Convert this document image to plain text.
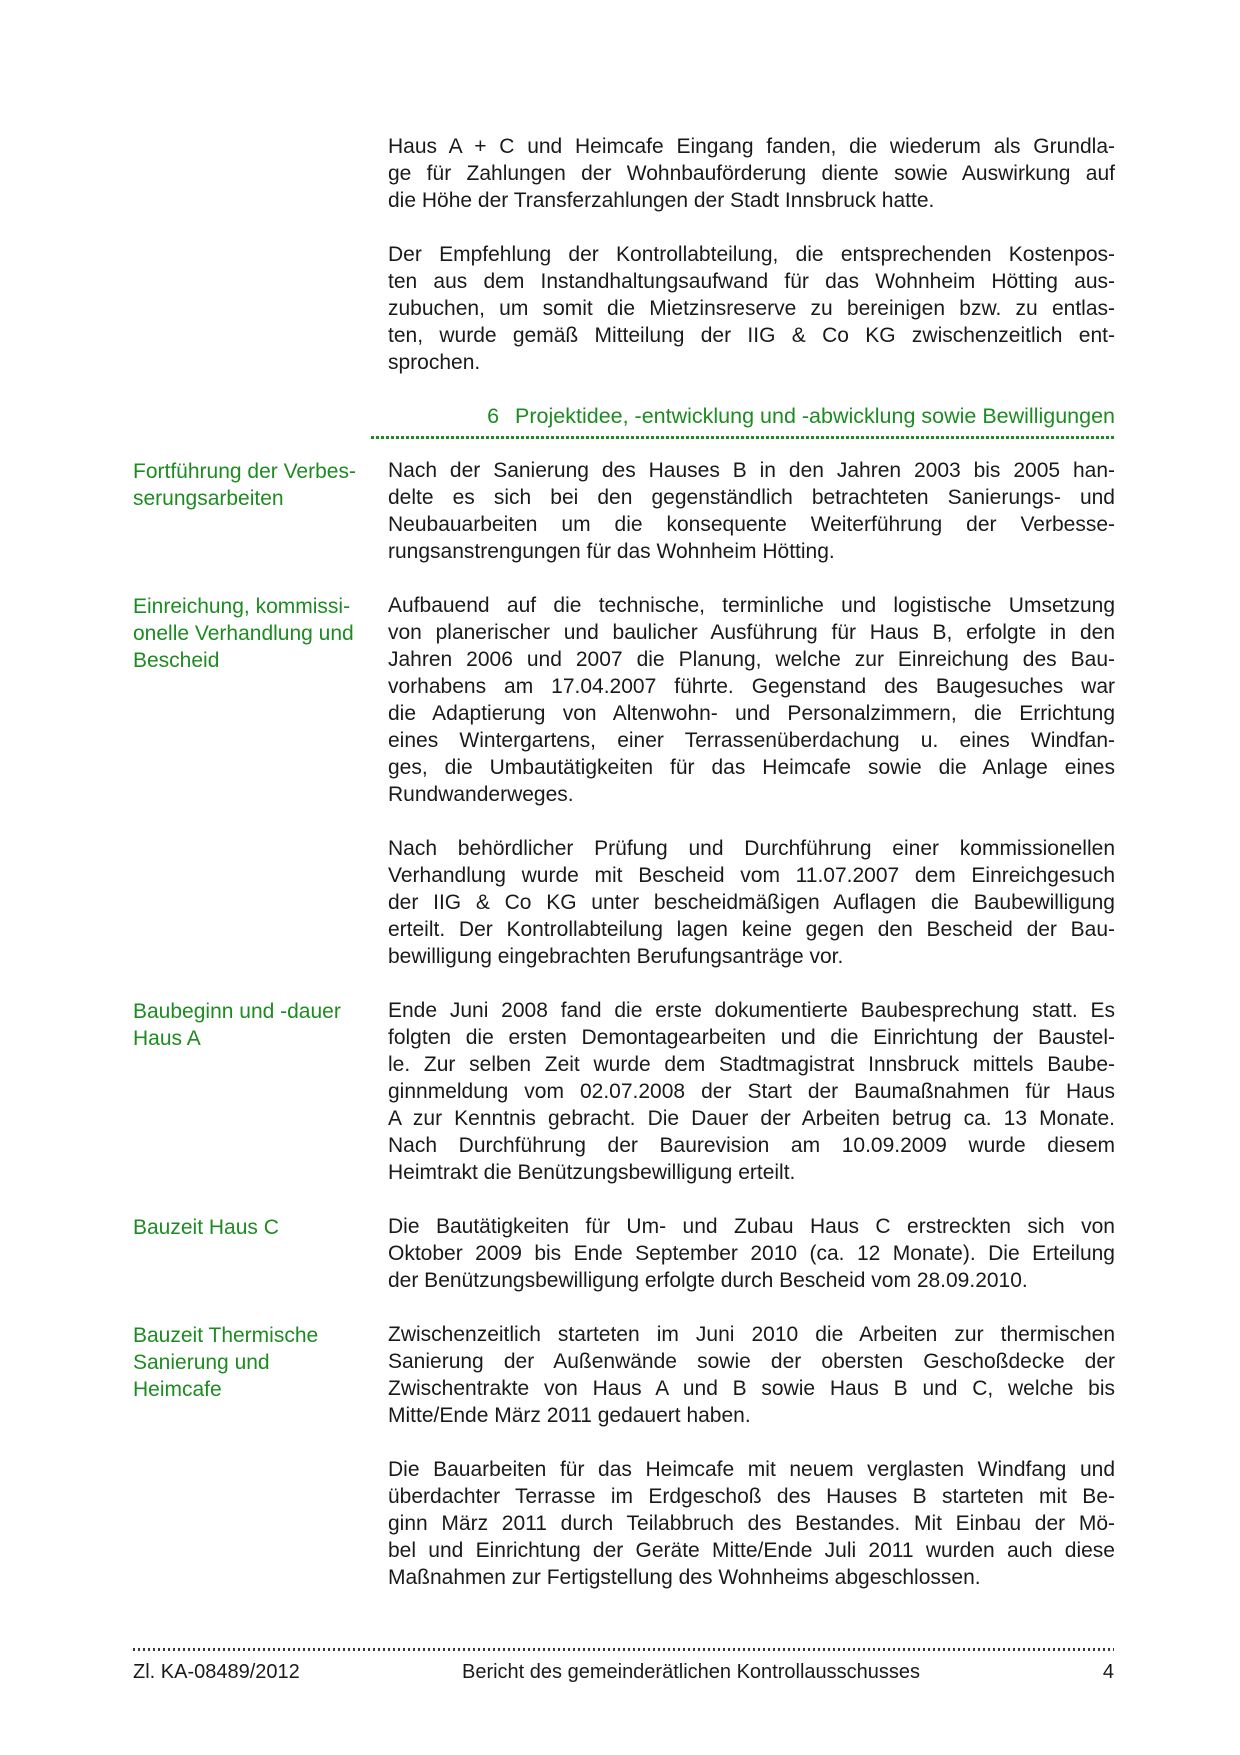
Haus A + C und Heimcafe Eingang fanden, die wiederum als Grundla-
ge für Zahlungen der Wohnbauförderung diente sowie Auswirkung auf
die Höhe der Transferzahlungen der Stadt Innsbruck hatte.
Der Empfehlung der Kontrollabteilung, die entsprechenden Kostenpos-
ten aus dem Instandhaltungsaufwand für das Wohnheim Hötting aus-
zubuchen, um somit die Mietzinsreserve zu bereinigen bzw. zu entlas-
ten, wurde gemäß Mitteilung der IIG & Co KG zwischenzeitlich ent-
sprochen.
6 Projektidee, -entwicklung und -abwicklung sowie Bewilligungen
Fortführung der Verbes-
serungsarbeiten
Nach der Sanierung des Hauses B in den Jahren 2003 bis 2005 han-
delte es sich bei den gegenständlich betrachteten Sanierungs- und
Neubauarbeiten um die konsequente Weiterführung der Verbesse-
rungsanstrengungen für das Wohnheim Hötting.
Einreichung, kommissi-
onelle Verhandlung und
Bescheid
Aufbauend auf die technische, terminliche und logistische Umsetzung
von planerischer und baulicher Ausführung für Haus B, erfolgte in den
Jahren 2006 und 2007 die Planung, welche zur Einreichung des Bau-
vorhabens am 17.04.2007 führte. Gegenstand des Baugesuches war
die Adaptierung von Altenwohn- und Personalzimmern, die Errichtung
eines Wintergartens, einer Terrassenüberdachung u. eines Windfan-
ges, die Umbautätigkeiten für das Heimcafe sowie die Anlage eines
Rundwanderweges.
Nach behördlicher Prüfung und Durchführung einer kommissionellen
Verhandlung wurde mit Bescheid vom 11.07.2007 dem Einreichgesuch
der IIG & Co KG unter bescheidmäßigen Auflagen die Baubewilligung
erteilt. Der Kontrollabteilung lagen keine gegen den Bescheid der Bau-
bewilligung eingebrachten Berufungsanträge vor.
Baubeginn und -dauer
Haus A
Ende Juni 2008 fand die erste dokumentierte Baubesprechung statt. Es
folgten die ersten Demontagearbeiten und die Einrichtung der Baustel-
le. Zur selben Zeit wurde dem Stadtmagistrat Innsbruck mittels Baube-
ginnmeldung vom 02.07.2008 der Start der Baumaßnahmen für Haus
A zur Kenntnis gebracht. Die Dauer der Arbeiten betrug ca. 13 Monate.
Nach Durchführung der Baurevision am 10.09.2009 wurde diesem
Heimtrakt die Benützungsbewilligung erteilt.
Bauzeit Haus C	Die Bautätigkeiten für Um- und Zubau Haus C erstreckten sich von
Oktober 2009 bis Ende September 2010 (ca. 12 Monate). Die Erteilung
der Benützungsbewilligung erfolgte durch Bescheid vom 28.09.2010.
Bauzeit Thermische
Sanierung und
Heimcafe
Zwischenzeitlich starteten im Juni 2010 die Arbeiten zur thermischen
Sanierung der Außenwände sowie der obersten Geschoßdecke der
Zwischentrakte von Haus A und B sowie Haus B und C, welche bis
Mitte/Ende März 2011 gedauert haben.
Die Bauarbeiten für das Heimcafe mit neuem verglasten Windfang und
überdachter Terrasse im Erdgeschoß des Hauses B starteten mit Be-
ginn März 2011 durch Teilabbruch des Bestandes. Mit Einbau der Mö-
bel und Einrichtung der Geräte Mitte/Ende Juli 2011 wurden auch diese
Maßnahmen zur Fertigstellung des Wohnheims abgeschlossen.
Zl. KA-08489/2012	Bericht des gemeinderätlichen Kontrollausschusses	4
